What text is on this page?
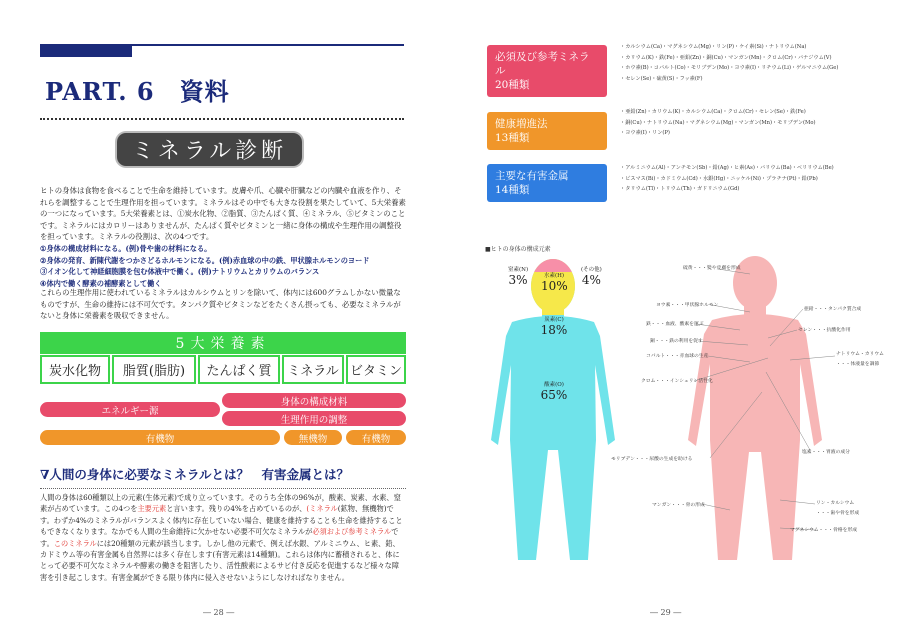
PART. 6　資料
ミネラル診断
ヒトの身体は食物を食べることで生命を維持しています。皮膚や爪、心臓や肝臓などの内臓や血液を作り、それらを調整することで生理作用を担っています。ミネラルはその中でも大きな役割を果たしていて、5大栄養素の一つになっています。5大栄養素とは、①炭水化物、②脂質、③たんぱく質、④ミネラル、⑤ビタミンのことです。ミネラルにはカロリーはありませんが、たんぱく質やビタミンと一緒に身体の構成や生理作用の調整役を担っています。ミネラルの役割は、次の4つです。
①身体の構成材料になる。(例)骨や歯の材料になる。
②身体の発育、新陳代謝をつかさどるホルモンになる。(例)赤血球の中の鉄、甲状腺ホルモンのヨード
③イオン化して神経細胞膜を包む体液中で働く。(例)ナトリウムとカリウムのバランス
④体内で働く酵素の補酵素として働く
これらの生理作用に使われているミネラルはカルシウムとリンを除いて、体内には600グラムしかない微量なものですが、生命の維持には不可欠です。タンパク質やビタミンなどをたくさん摂っても、必要なミネラルがないと身体に栄養素を吸収できません。
5大栄養素
炭水化物	脂質(脂肪)	たんぱく質	ミネラル ビタミン
身体の構成材料
エネルギー源
生理作用の調整
有機物	無機物	有機物
∇人間の身体に必要なミネラルとは？　有害金属とは？
人間の身体は60種類以上の元素(生体元素)で成り立っています。そのうち全体の96%が，酸素、炭素、水素、窒素が占めています。この4つを主要元素と言います。残りの4%を占めているのが、(ミネラル(鉱物、無機物)です。わずか4%のミネラルがバランスよく体内に存在していない場合、健康を維持することも生命を維持することもできなくなります。なかでも人間の生命維持に欠かせない必要不可欠なミネラルが必須および参考ミネラルです。このミネラルには20種類の元素が該当します。しかし他の元素で、例えば水銀、アルミニウム、ヒ素、鉛、カドミウム等の有害金属も自然界には多く存在します(有害元素は14種類)。これらは体内に蓄積されると、体にとって必要不可欠なミネラルや酵素の働きを阻害したり、活性酸素によるサビ付き反応を促進するなど様々な障害を引き起こします。有害金属ができる限り体内に侵入させないようにしなければなりません。
― 28 ―
必須及び参考ミネラル
20種類
・カルシウム(Ca)・マグネシウム(Mg)・リン(P)・ケイ素(Si)・ナトリウム(Na)
・カリウム(K)・鉄(Fe)・亜鉛(Zn)・銅(Cu)・マンガン(Mn)・クロム(Cr)・バナジウム(V)
・ホウ素(B)・コバルト(Co)・モリブデン(Mo)・ヨウ素(I)・リチウム(Li)・ゲルマニウム(Ge)
・セレン(Se)・硫黄(S)・フッ素(F)
健康増進法
13種類
・亜鉛(Zn)・カリウム(K)・カルシウム(Ca)・クロム(Cr)・セレン(Se)・鉄(Fe)
・銅(Cu)・ナトリウム(Na)・マグネシウム(Mg)・マンガン(Mn)・モリブデン(Mo)
・ヨウ素(I)・リン(P)
主要な有害金属
14種類
・アルミニウム(Al)・アンチモン(Sb)・鉛(Ag)・ヒ素(As)・バリウム(Ba)・ベリリウム(Be)
・ビスマス(Bi)・カドミウム(Cd)・水銀(Hg)・ニッケル(Ni)・プラチナ(Pt)・鉛(Pb)
・タリウム(Tl)・トリウム(Th)・ガドリニウム(Gd)
■ヒトの身体の構成元素
窒素(N)
3%	水素(H)
10%
(その他)
4%
炭素(C)
18%
酸素(O)
65%
硫黄・・・髪や皮膚を形成
ヨウ素・・・甲状腺ホルモン
鉄・・・血液、酸素を運ぶ
銅・・・鉄の利用を促す
コバルト・・・赤血球の生産
クロム・・・インシュリン活性化
亜鉛・・・タンパク質合成
セレン・・・抗酸化作用
ナトリウム・カリウム
・・・体液量を調節
塩素・・・胃液の成分
モリブデン・・・尿酸の生成を助ける
マンガン・・・骨の形成	リン・カルシウム
・・・歯や骨を形成
マグネシウム・・・骨格を形成
― 29 ―
